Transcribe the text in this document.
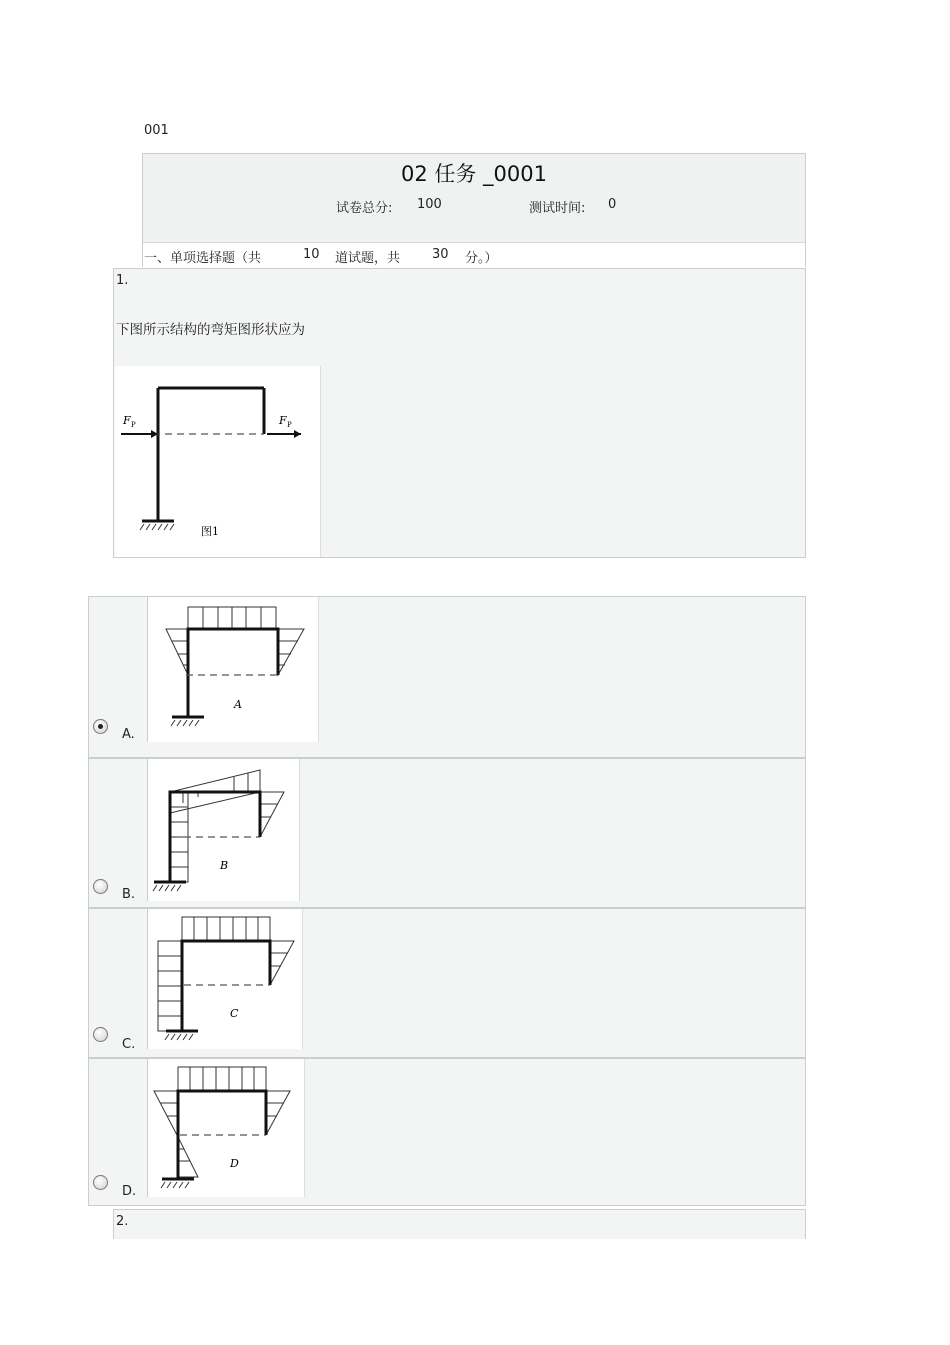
001
02 任务 _0001
试卷总分: 100	测试时间: 0
一、单项选择题（共	10 道试题，共 30 分。）
1.
下图所示结构的弯矩图形状应为
F P	F P
图1
A
A.
B
B.
C
C.
D
D.
2.
